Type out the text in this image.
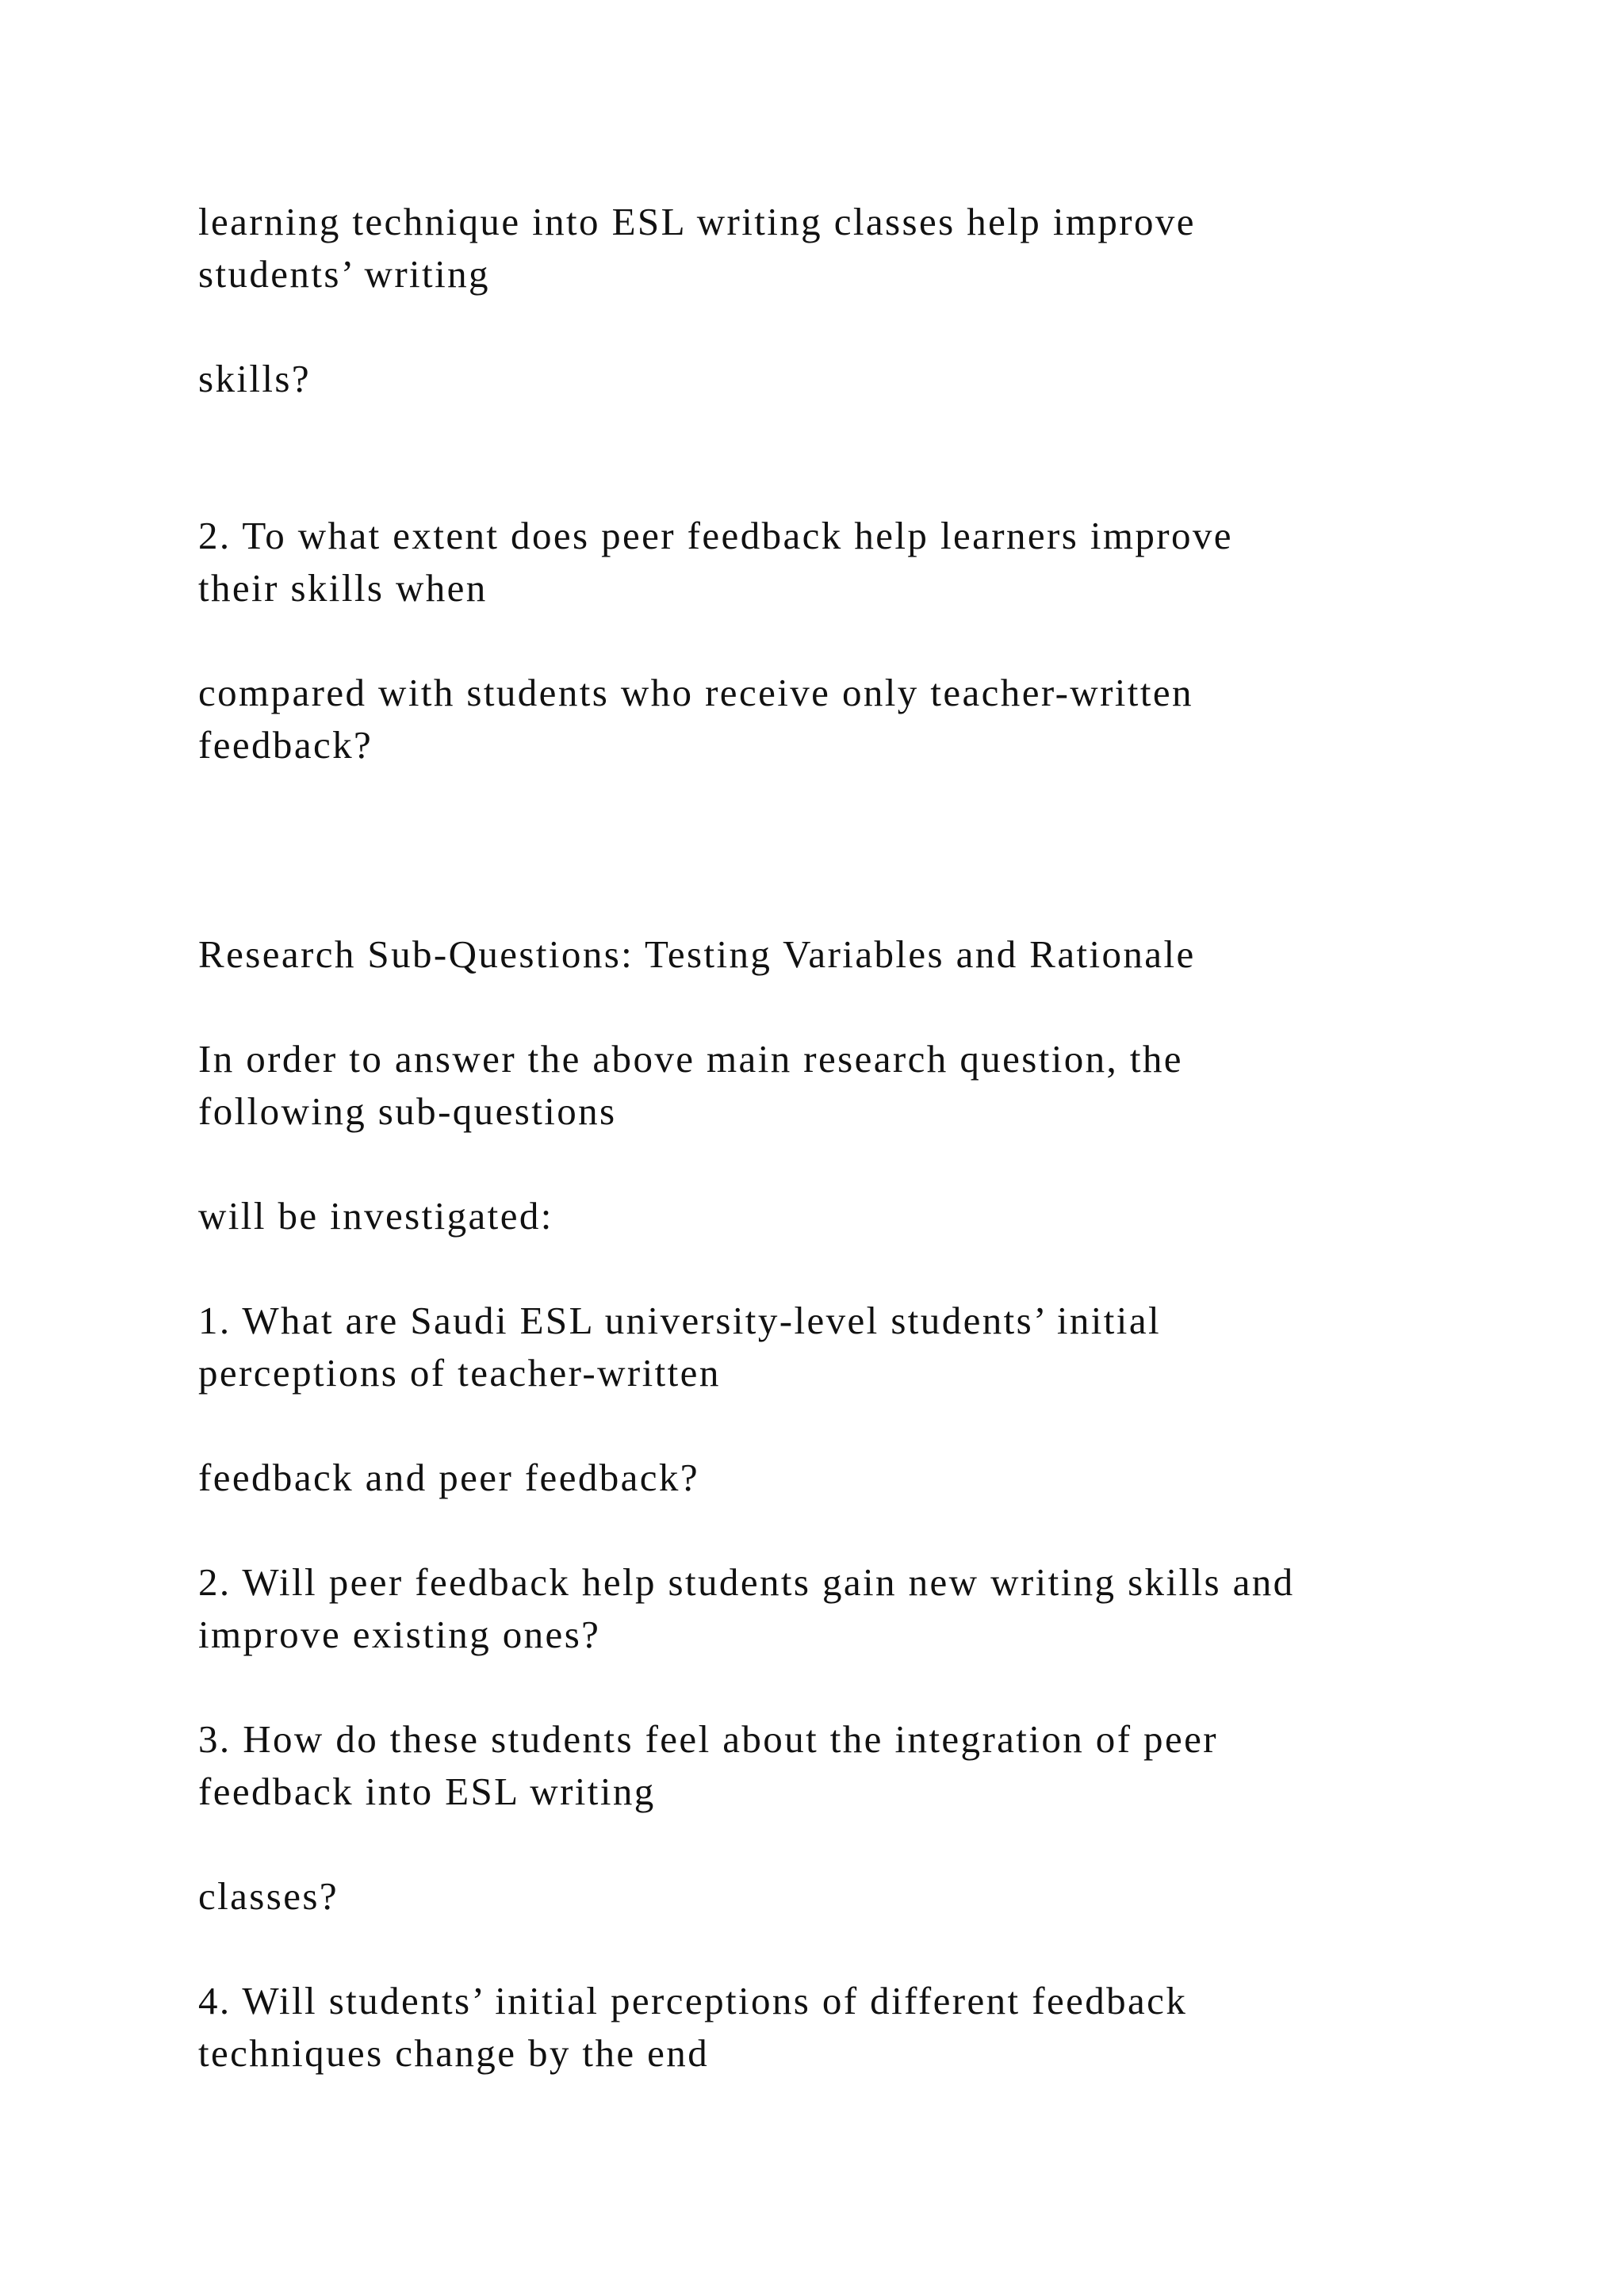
learning technique into ESL writing classes help improve

students’ writing

skills?

2. To what extent does peer feedback help learners improve

their skills when

compared with students who receive only teacher-written

feedback?

Research Sub-Questions: Testing Variables and Rationale

In order to answer the above main research question, the

following sub-questions

will be investigated:

1. What are Saudi ESL university-level students’ initial

perceptions of teacher-written

feedback and peer feedback?

2. Will peer feedback help students gain new writing skills and

improve existing ones?

3. How do these students feel about the integration of peer

feedback into ESL writing

classes?

4. Will students’ initial perceptions of different feedback

techniques change by the end
